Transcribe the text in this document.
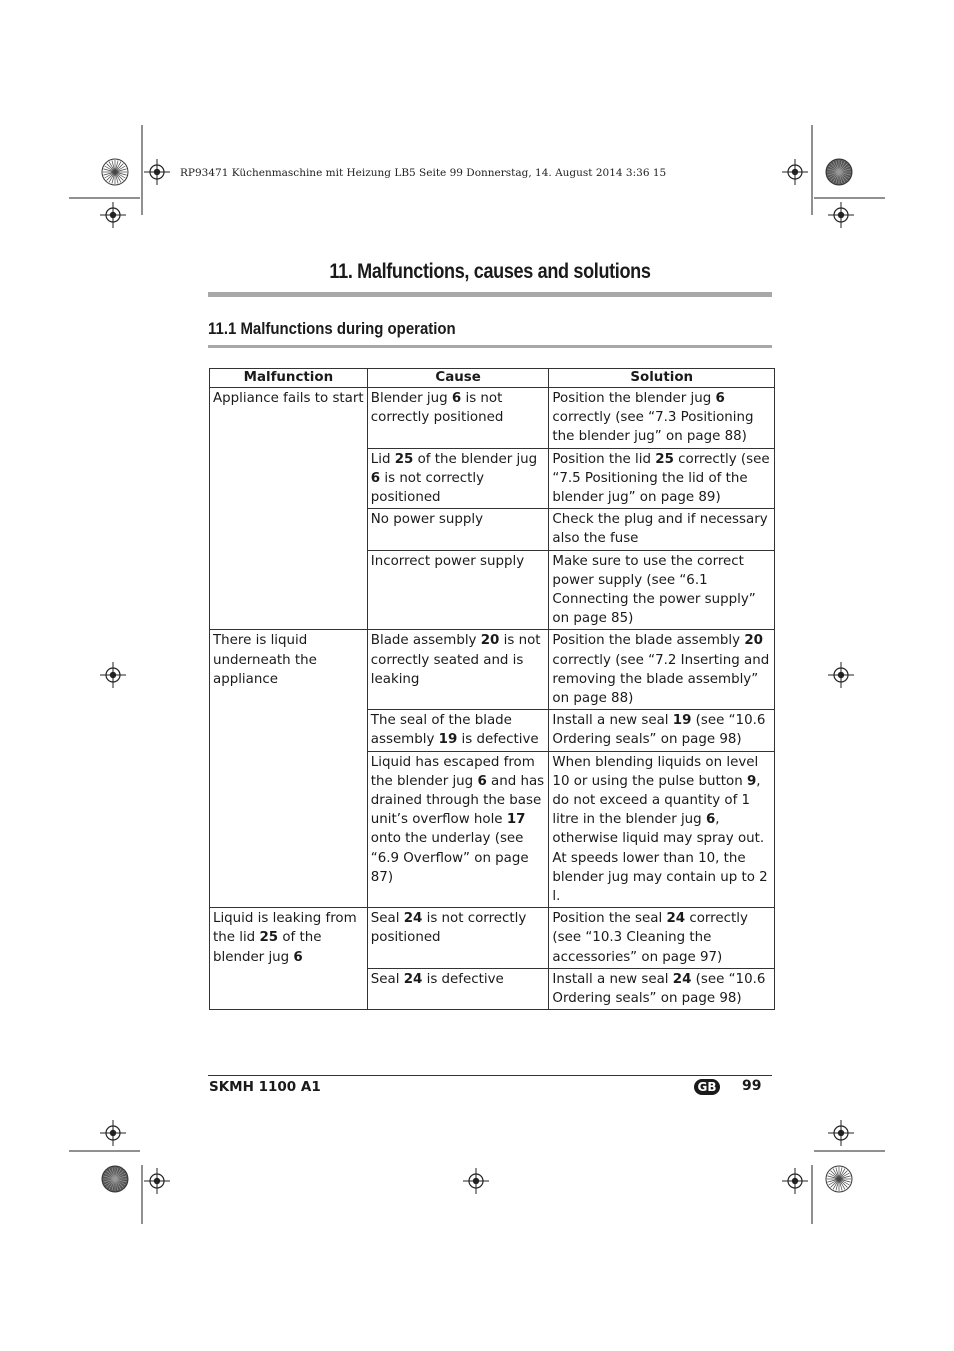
RP93471 Küchenmaschine mit Heizung LB5 Seite 99 Donnerstag, 14. August 2014 3:36 15
11. Malfunctions, causes and solutions
11.1 Malfunctions during operation
Malfunction	Cause	Solution
Appliance fails to start	Blender jug 6 is not correctly positioned	Position the blender jug 6 correctly (see “7.3 Positioning the blender jug” on page 88)
	Lid 25 of the blender jug 6 is not correctly positioned	Position the lid 25 correctly (see “7.5 Positioning the lid of the blender jug” on page 89)
	No power supply	Check the plug and if necessary also the fuse
	Incorrect power supply	Make sure to use the correct power supply (see “6.1 Connecting the power supply” on page 85)
There is liquid underneath the appliance	Blade assembly 20 is not correctly seated and is leaking	Position the blade assembly 20 correctly (see “7.2 Inserting and removing the blade assembly” on page 88)
	The seal of the blade assembly 19 is defective	Install a new seal 19 (see “10.6 Ordering seals” on page 98)
	Liquid has escaped from the blender jug 6 and has drained through the base unit’s overflow hole 17 onto the underlay (see “6.9 Overflow” on page 87)	When blending liquids on level 10 or using the pulse button 9, do not exceed a quantity of 1 litre in the blender jug 6, otherwise liquid may spray out. At speeds lower than 10, the blender jug may contain up to 2 l.
Liquid is leaking from the lid 25 of the blender jug 6	Seal 24 is not correctly positioned	Position the seal 24 correctly (see “10.3 Cleaning the accessories” on page 97)
	Seal 24 is defective	Install a new seal 24 (see “10.6 Ordering seals” on page 98)
SKMH 1100 A1	GB 99
